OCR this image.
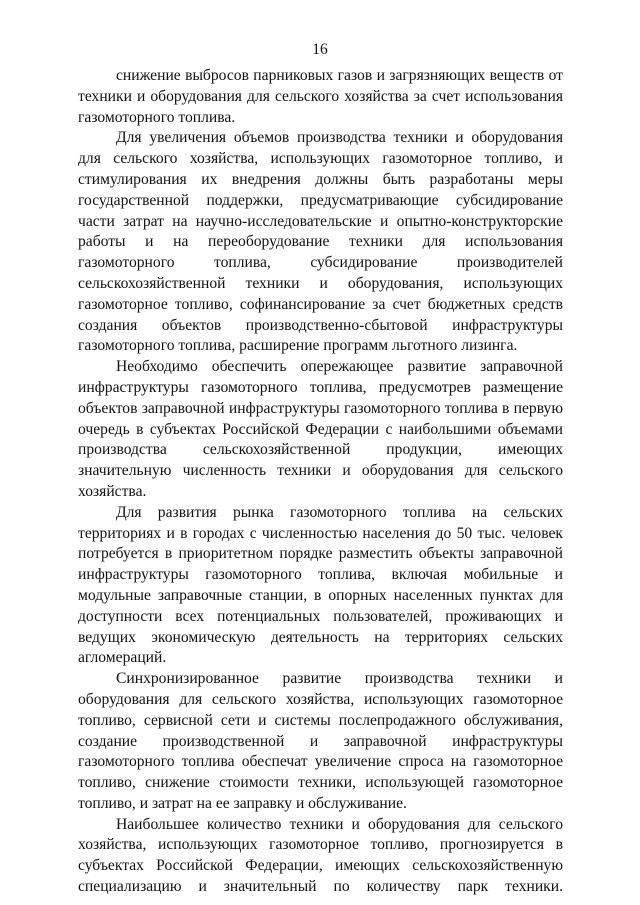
16

снижение выбросов парниковых газов и загрязняющих веществ от техники и оборудования для сельского хозяйства за счет использования газомоторного топлива.

Для увеличения объемов производства техники и оборудования для сельского хозяйства, использующих газомоторное топливо, и стимулирования их внедрения должны быть разработаны меры государственной поддержки, предусматривающие субсидирование части затрат на научно-исследовательские и опытно-конструкторские работы и на переоборудование техники для использования газомоторного топлива, субсидирование производителей сельскохозяйственной техники и оборудования, использующих газомоторное топливо, софинансирование за счет бюджетных средств создания объектов производственно-сбытовой инфраструктуры газомоторного топлива, расширение программ льготного лизинга.

Необходимо обеспечить опережающее развитие заправочной инфраструктуры газомоторного топлива, предусмотрев размещение объектов заправочной инфраструктуры газомоторного топлива в первую очередь в субъектах Российской Федерации с наибольшими объемами производства сельскохозяйственной продукции, имеющих значительную численность техники и оборудования для сельского хозяйства.

Для развития рынка газомоторного топлива на сельских территориях и в городах с численностью населения до 50 тыс. человек потребуется в приоритетном порядке разместить объекты заправочной инфраструктуры газомоторного топлива, включая мобильные и модульные заправочные станции, в опорных населенных пунктах для доступности всех потенциальных пользователей, проживающих и ведущих экономическую деятельность на территориях сельских агломераций.

Синхронизированное развитие производства техники и оборудования для сельского хозяйства, использующих газомоторное топливо, сервисной сети и системы послепродажного обслуживания, создание производственной и заправочной инфраструктуры газомоторного топлива обеспечат увеличение спроса на газомоторное топливо, снижение стоимости техники, использующей газомоторное топливо, и затрат на ее заправку и обслуживание.

Наибольшее количество техники и оборудования для сельского хозяйства, использующих газомоторное топливо, прогнозируется в субъектах Российской Федерации, имеющих сельскохозяйственную специализацию и значительный по количеству парк техники.
